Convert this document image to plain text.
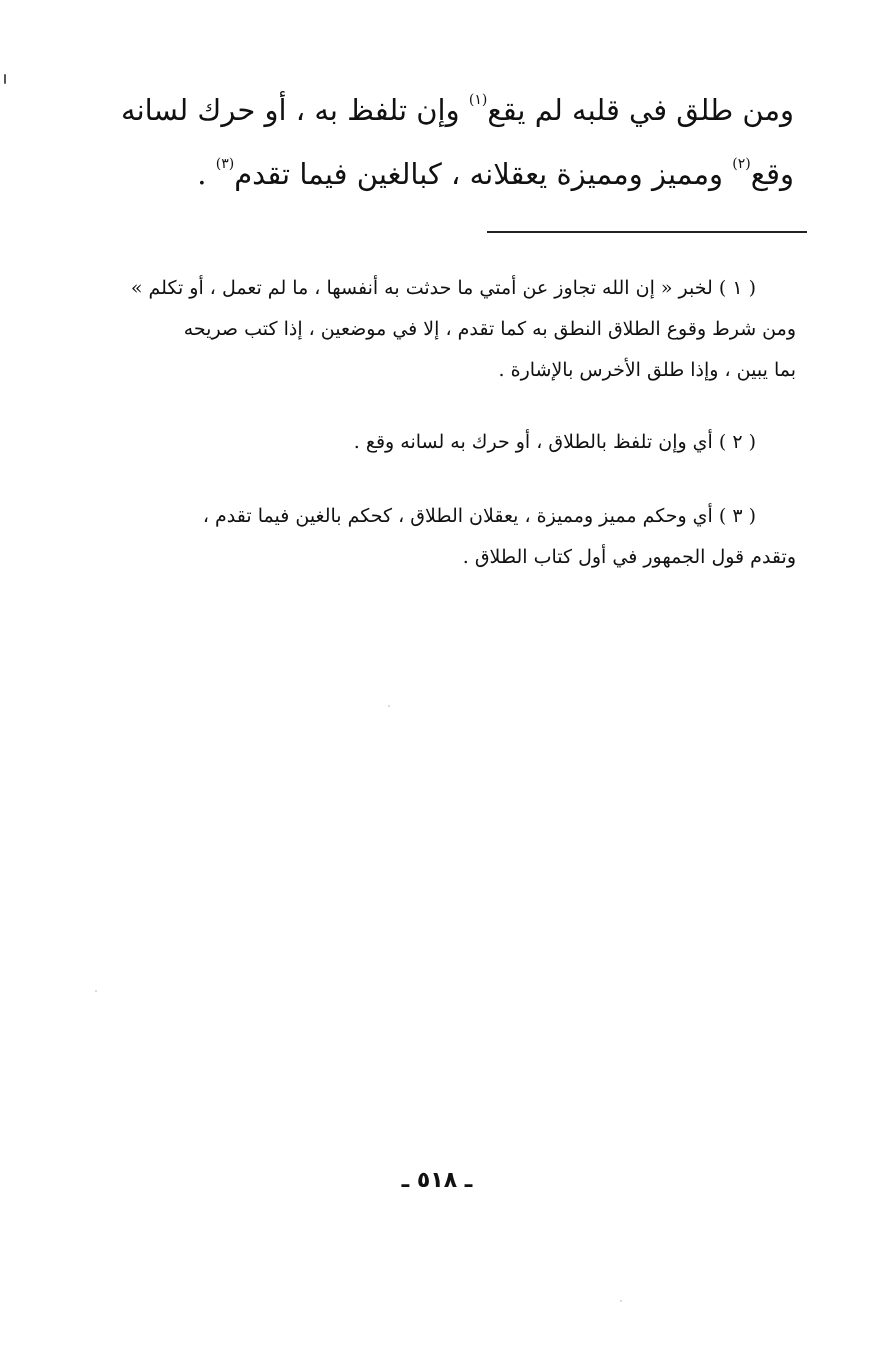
ومن طلق في قلبه لم يقع$^{(١)}$ وإن تلفظ به ، أو حرك لسانه
وقع$^{(٢)}$ ومميز ومميزة يعقلانه ، كبالغين فيما تقدم$^{(٣)}$ .
( ١ ) لخبر « إن الله تجاوز عن أمتي ما حدثت به أنفسها ، ما لم تعمل ، أو تكلم »
ومن شرط وقوع الطلاق النطق به كما تقدم ، إلا في موضعين ، إذا كتب صريحه
بما يبين ، وإذا طلق الأخرس بالإشارة .
( ٢ ) أي وإن تلفظ بالطلاق ، أو حرك به لسانه وقع .
( ٣ ) أي وحكم مميز ومميزة ، يعقلان الطلاق ، كحكم بالغين فيما تقدم ،
وتقدم قول الجمهور في أول كتاب الطلاق .
ـ ٥١٨ ـ
